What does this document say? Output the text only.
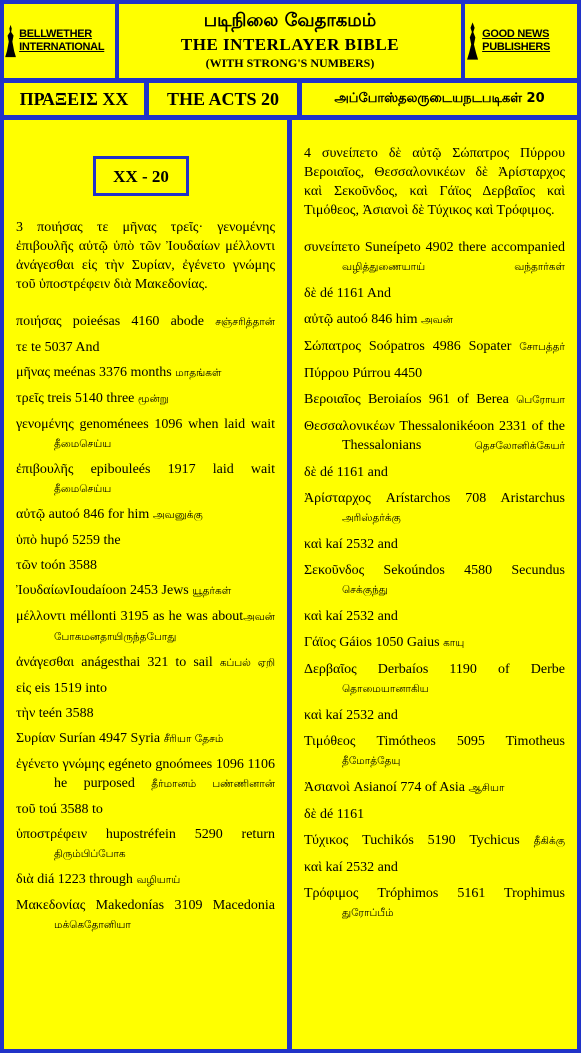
BELLWETHER INTERNATIONAL
படிநிலை வேதாகமம்
THE INTERLAYER BIBLE
(WITH STRONG'S NUMBERS)
GOOD NEWS PUBLISHERS
ΠΡΑΞΕΙΣ XX	THE ACTS 20	அப்போஸ்தலருடையநடபடிகள் 20
XX - 20
3 ποιήσας τε μῆνας τρεῖς· γενομένης ἐπιβουλῆς αὐτῷ ὑπὸ τῶν Ἰουδαίων μέλλοντι ἀνάγεσθαι εἰς τὴν Συρίαν, ἐγένετο γνώμης τοῦ ὑποστρέφειν διὰ Μακεδονίας.
ποιήσας poieésas 4160 abode சஞ்சரித்தான்
τε te 5037 And
μῆνας meénas 3376 months மாதங்கள்
τρεῖς treis 5140 three மூன்று
γενομένης genoménees 1096 when laid wait தீமைசெய்ய
ἐπιβουλῆς epibouleés 1917 laid wait தீமைசெய்ய
αὐτῷ autoó 846 for him அவனுக்கு
ὑπὸ hupó 5259 the
τῶν toón 3588
ἸουδαίωνIoudaíoon 2453 Jews யூதர்கள்
μέλλοντι méllonti 3195 as he was aboutஅவன் போகமனதாயிருந்தபோது
ἀνάγεσθαι anágesthai 321 to sail கப்பல் ஏறி
εἰς eis 1519 into
τὴν teén 3588
Συρίαν Surían 4947 Syria சீரியா தேசம்
ἐγένετο γνώμης egéneto gnoómees 1096 1106 he purposed தீர்மானம் பண்ணினான்
τοῦ toú 3588 to
ὑποστρέφειν hupostréfein 5290 return திரும்பிப்போக
διὰ diá 1223 through வழியாய்
Μακεδονίας Makedonías 3109 Macedonia மக்கெதோனியா
4 συνείπετο δὲ αὐτῷ Σώπατρος Πύρρου Βεροιαῖος, Θεσσαλονικέων δὲ Ἀρίσταρχος καὶ Σεκοῦνδος, καὶ Γάϊος Δερβαῖος καὶ Τιμόθεος, Ἀσιανοὶ δὲ Τύχικος καὶ Τρόφιμος.
συνείπετο Suneípeto 4902 there accompanied வழித்துணையாய் வந்தார்கள்
δὲ dé 1161 And
αὐτῷ autoó 846 him அவன்
Σώπατρος Soópatros 4986 Sopater சோபத்தர்
Πύρρου Púrrou 4450
Βεροιαῖος Beroiaíos 961 of Berea பெரோயா
Θεσσαλονικέων Thessalonikéoon 2331 of the Thessalonians தெசலோனிக்கேயர்
δὲ dé 1161 and
Ἀρίσταρχος Arístarchos 708 Aristarchus அரிஸ்தர்க்கு
καὶ kaí 2532 and
Σεκοῦνδος Sekoúndos 4580 Secundus செக்குந்து
καὶ kaí 2532 and
Γάϊος Gáios 1050 Gaius காயு
Δερβαῖος Derbaíos 1190 of Derbe தொமையானாகிய
καὶ kaí 2532 and
Τιμόθεος Timótheos 5095 Timotheus தீமோத்தேயு
Ἀσιανοὶ Asianoí 774 of Asia ஆசியா
δὲ dé 1161
Τύχικος Tuchikós 5190 Tychicus தீகிக்கு
καὶ kaí 2532 and
Τρόφιμος Tróphimos 5161 Trophimus துரோப்பீம்
